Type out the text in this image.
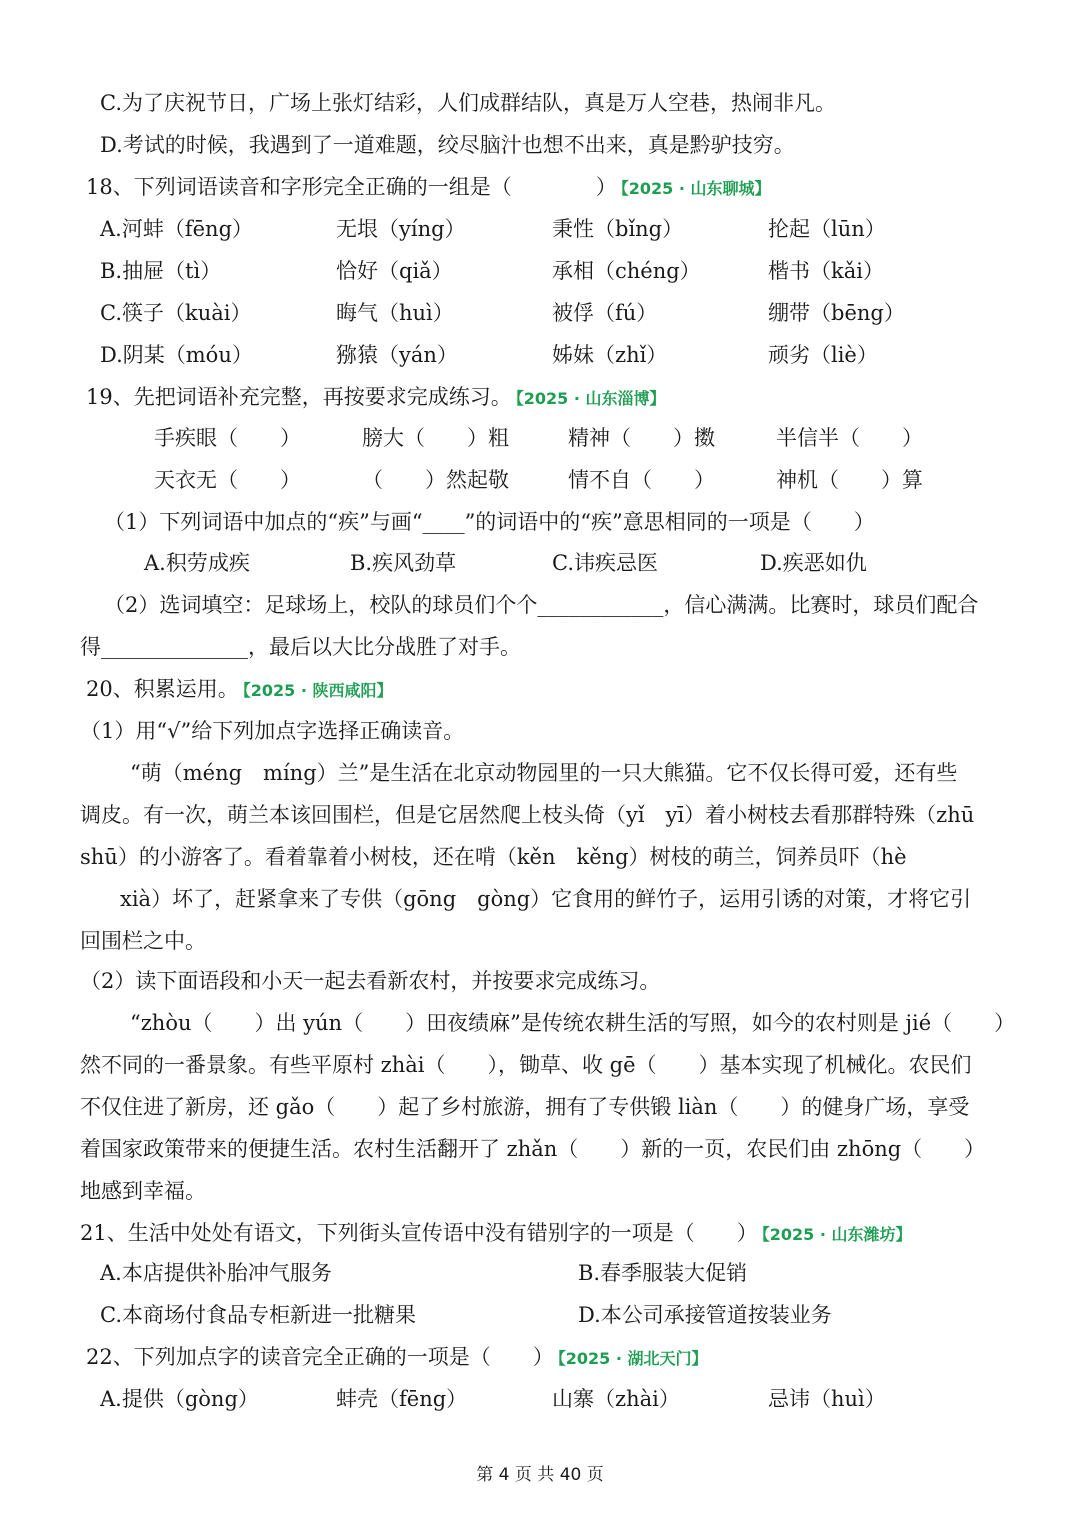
C.为了庆祝节日，广场上张灯结彩，人们成群结队，真是万人空巷，热闹非凡。
D.考试的时候，我遇到了一道难题，绞尽脑汁也想不出来，真是黔驴技穷。
18、下列词语读音和字形完全正确的一组是（　　　　） 【2025 · 山东聊城】
A.河蚌（fēng）	无垠（yíng）	秉性（bǐng）	抡起（lūn）
B.抽屉（tì）	恰好（qiǎ）	承相（chéng）	楷书（kǎi）
C.筷子（kuài）	晦气（huì）	被俘（fú）	绷带（bēng）
D.阴某（móu）	猕猿（yán）	姊妹（zhǐ）	顽劣（liè）
19、先把词语补充完整，再按要求完成练习。 【2025 · 山东淄博】
手疾眼（　　）	膀大（　　）粗	精神（　　）擞	半信半（　　）
天衣无（　　）	（　　）然起敬	情不自（　　）	神机（　　）算
（1）下列词语中加点的“疾”与画“____”的词语中的“疾”意思相同的一项是（　　）
A.积劳成疾	B.疾风劲草	C.讳疾忌医	D.疾恶如仇
（2）选词填空：足球场上，校队的球员们个个____________，信心满满。比赛时，球员们配合
得______________，最后以大比分战胜了对手。
20、积累运用。 【2025 · 陕西咸阳】
（1）用“√”给下列加点字选择正确读音。
“萌（méng　míng）兰”是生活在北京动物园里的一只大熊猫。它不仅长得可爱，还有些
调皮。有一次，萌兰本该回围栏，但是它居然爬上枝头倚（yǐ　yī）着小树枝去看那群特殊（zhū
shū）的小游客了。看着靠着小树枝，还在啃（kěn　kěng）树枝的萌兰，饲养员吓（hè
xià）坏了，赶紧拿来了专供（gōng　gòng）它食用的鲜竹子，运用引诱的对策，才将它引
回围栏之中。
（2）读下面语段和小天一起去看新农村，并按要求完成练习。
“zhòu（　　）出 yún（　　）田夜绩麻”是传统农耕生活的写照，如今的农村则是 jié（　　）
然不同的一番景象。有些平原村 zhài（　　），锄草、收 gē（　　）基本实现了机械化。农民们
不仅住进了新房，还 gǎo（　　）起了乡村旅游，拥有了专供锻 liàn（　　）的健身广场，享受
着国家政策带来的便捷生活。农村生活翻开了 zhǎn（　　）新的一页，农民们由 zhōng（　　）
地感到幸福。
21、生活中处处有语文，下列街头宣传语中没有错别字的一项是（　　） 【2025 · 山东潍坊】
A.本店提供补胎冲气服务	B.春季服装大促销
C.本商场付食品专柜新进一批糖果	D.本公司承接管道按装业务
22、下列加点字的读音完全正确的一项是（　　） 【2025 · 湖北天门】
A.提供（gòng）	蚌壳（fēng）	山寨（zhài）	忌讳（huì）
第 4 页 共 40 页
